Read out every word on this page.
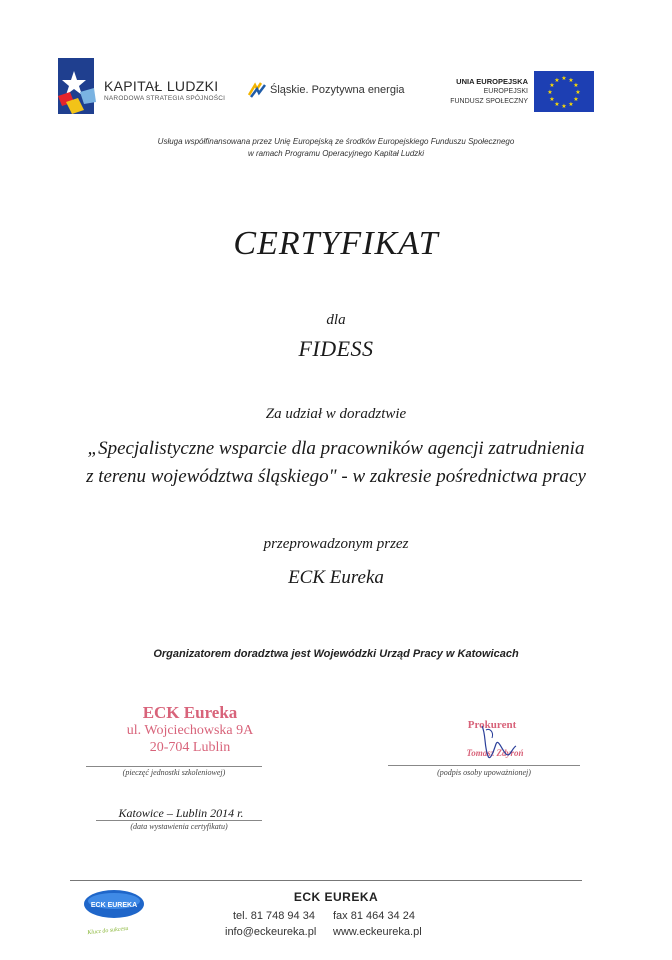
KAPITAŁ LUDZKI
NARODOWA STRATEGIA SPÓJNOŚCI
Śląskie. Pozytywna energia
UNIA EUROPEJSKA
EUROPEJSKI
FUNDUSZ SPOŁECZNY
★ ★
★
★
★
★
★
★
★
★
★
★
Usługa współfinansowana przez Unię Europejską ze środków Europejskiego Funduszu Społecznego
w ramach Programu Operacyjnego Kapitał Ludzki
CERTYFIKAT
dla
FIDESS
Za udział w doradztwie
„Specjalistyczne wsparcie dla pracowników agencji zatrudnienia
z terenu województwa śląskiego" - w zakresie pośrednictwa pracy
przeprowadzonym przez
ECK Eureka
Organizatorem doradztwa jest Wojewódzki Urząd Pracy w Katowicach
ECK Eureka
ul. Wojciechowska 9A
20-704 Lublin
(pieczęć jednostki szkoleniowej)
Prokurent
Tomasz Zdyroń
(podpis osoby upoważnionej)
Katowice – Lublin 2014 r.
(data wystawienia certyfikatu)
ECK EUREKA
Klucz do sukcesu
ECK EUREKA
tel. 81 748 94 34 fax 81 464 34 24
info@eckeureka.pl www.eckeureka.pl
